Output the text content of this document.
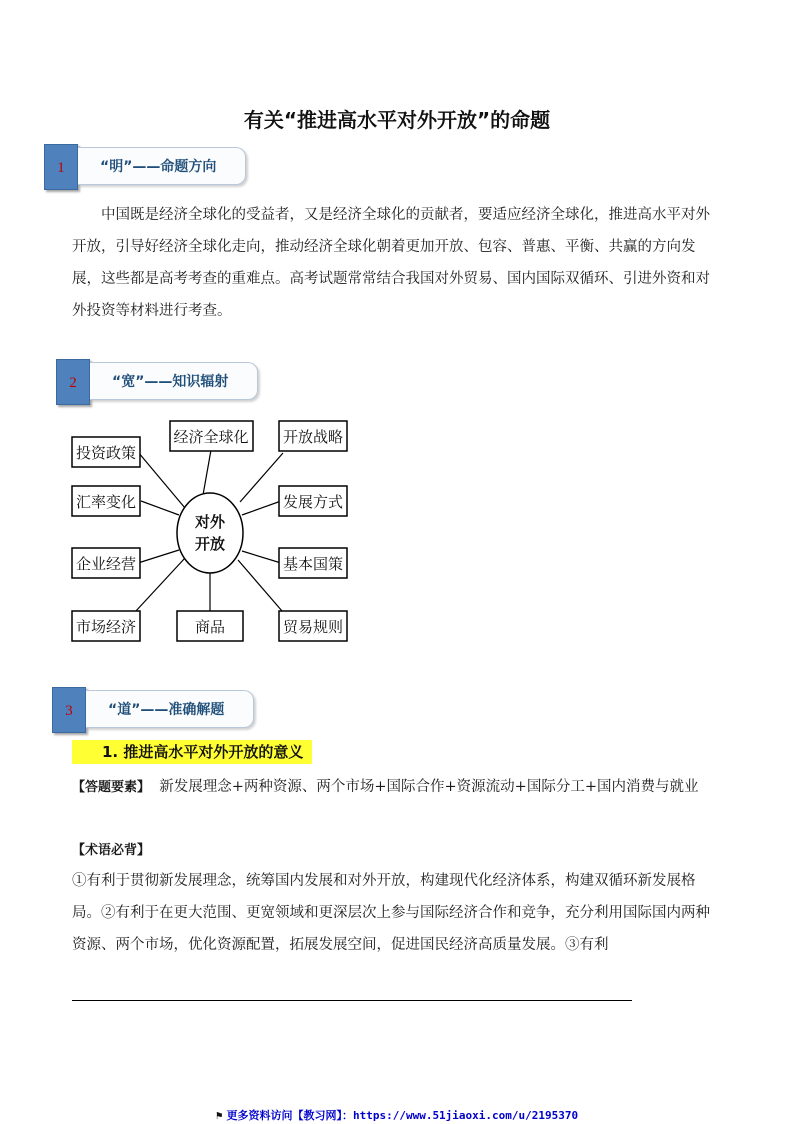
有关“推进高水平对外开放”的命题
1	“明”——命题方向

中国既是经济全球化的受益者，又是经济全球化的贡献者，要适应经济全球化，推进高水平对外开放，引导好经济全球化走向，推动经济全球化朝着更加开放、包容、普惠、平衡、共赢的方向发展，这些都是高考考查的重难点。高考试题常常结合我国对外贸易、国内国际双循环、引进外资和对外投资等材料进行考查。

2	“宽”——知识辐射
对外
开放
投资政策
经济全球化 开放战略
汇率变化	发展方式
企业经营	基本国策
市场经济	商品	贸易规则
3	“道”——准确解题
1. 推进高水平对外开放的意义

【答题要素】 新发展理念+两种资源、两个市场+国际合作+资源流动+国际分工+国内消费与就业

【术语必背】

①有利于贯彻新发展理念，统筹国内发展和对外开放，构建现代化经济体系，构建双循环新发展格局。②有利于在更大范围、更宽领域和更深层次上参与国际经济合作和竞争，充分利用国际国内两种资源、两个市场，优化资源配置，拓展发展空间，促进国民经济高质量发展。③有利

⚑ 更多资料访问【教习网】：https://www.51jiaoxi.com/u/2195370
